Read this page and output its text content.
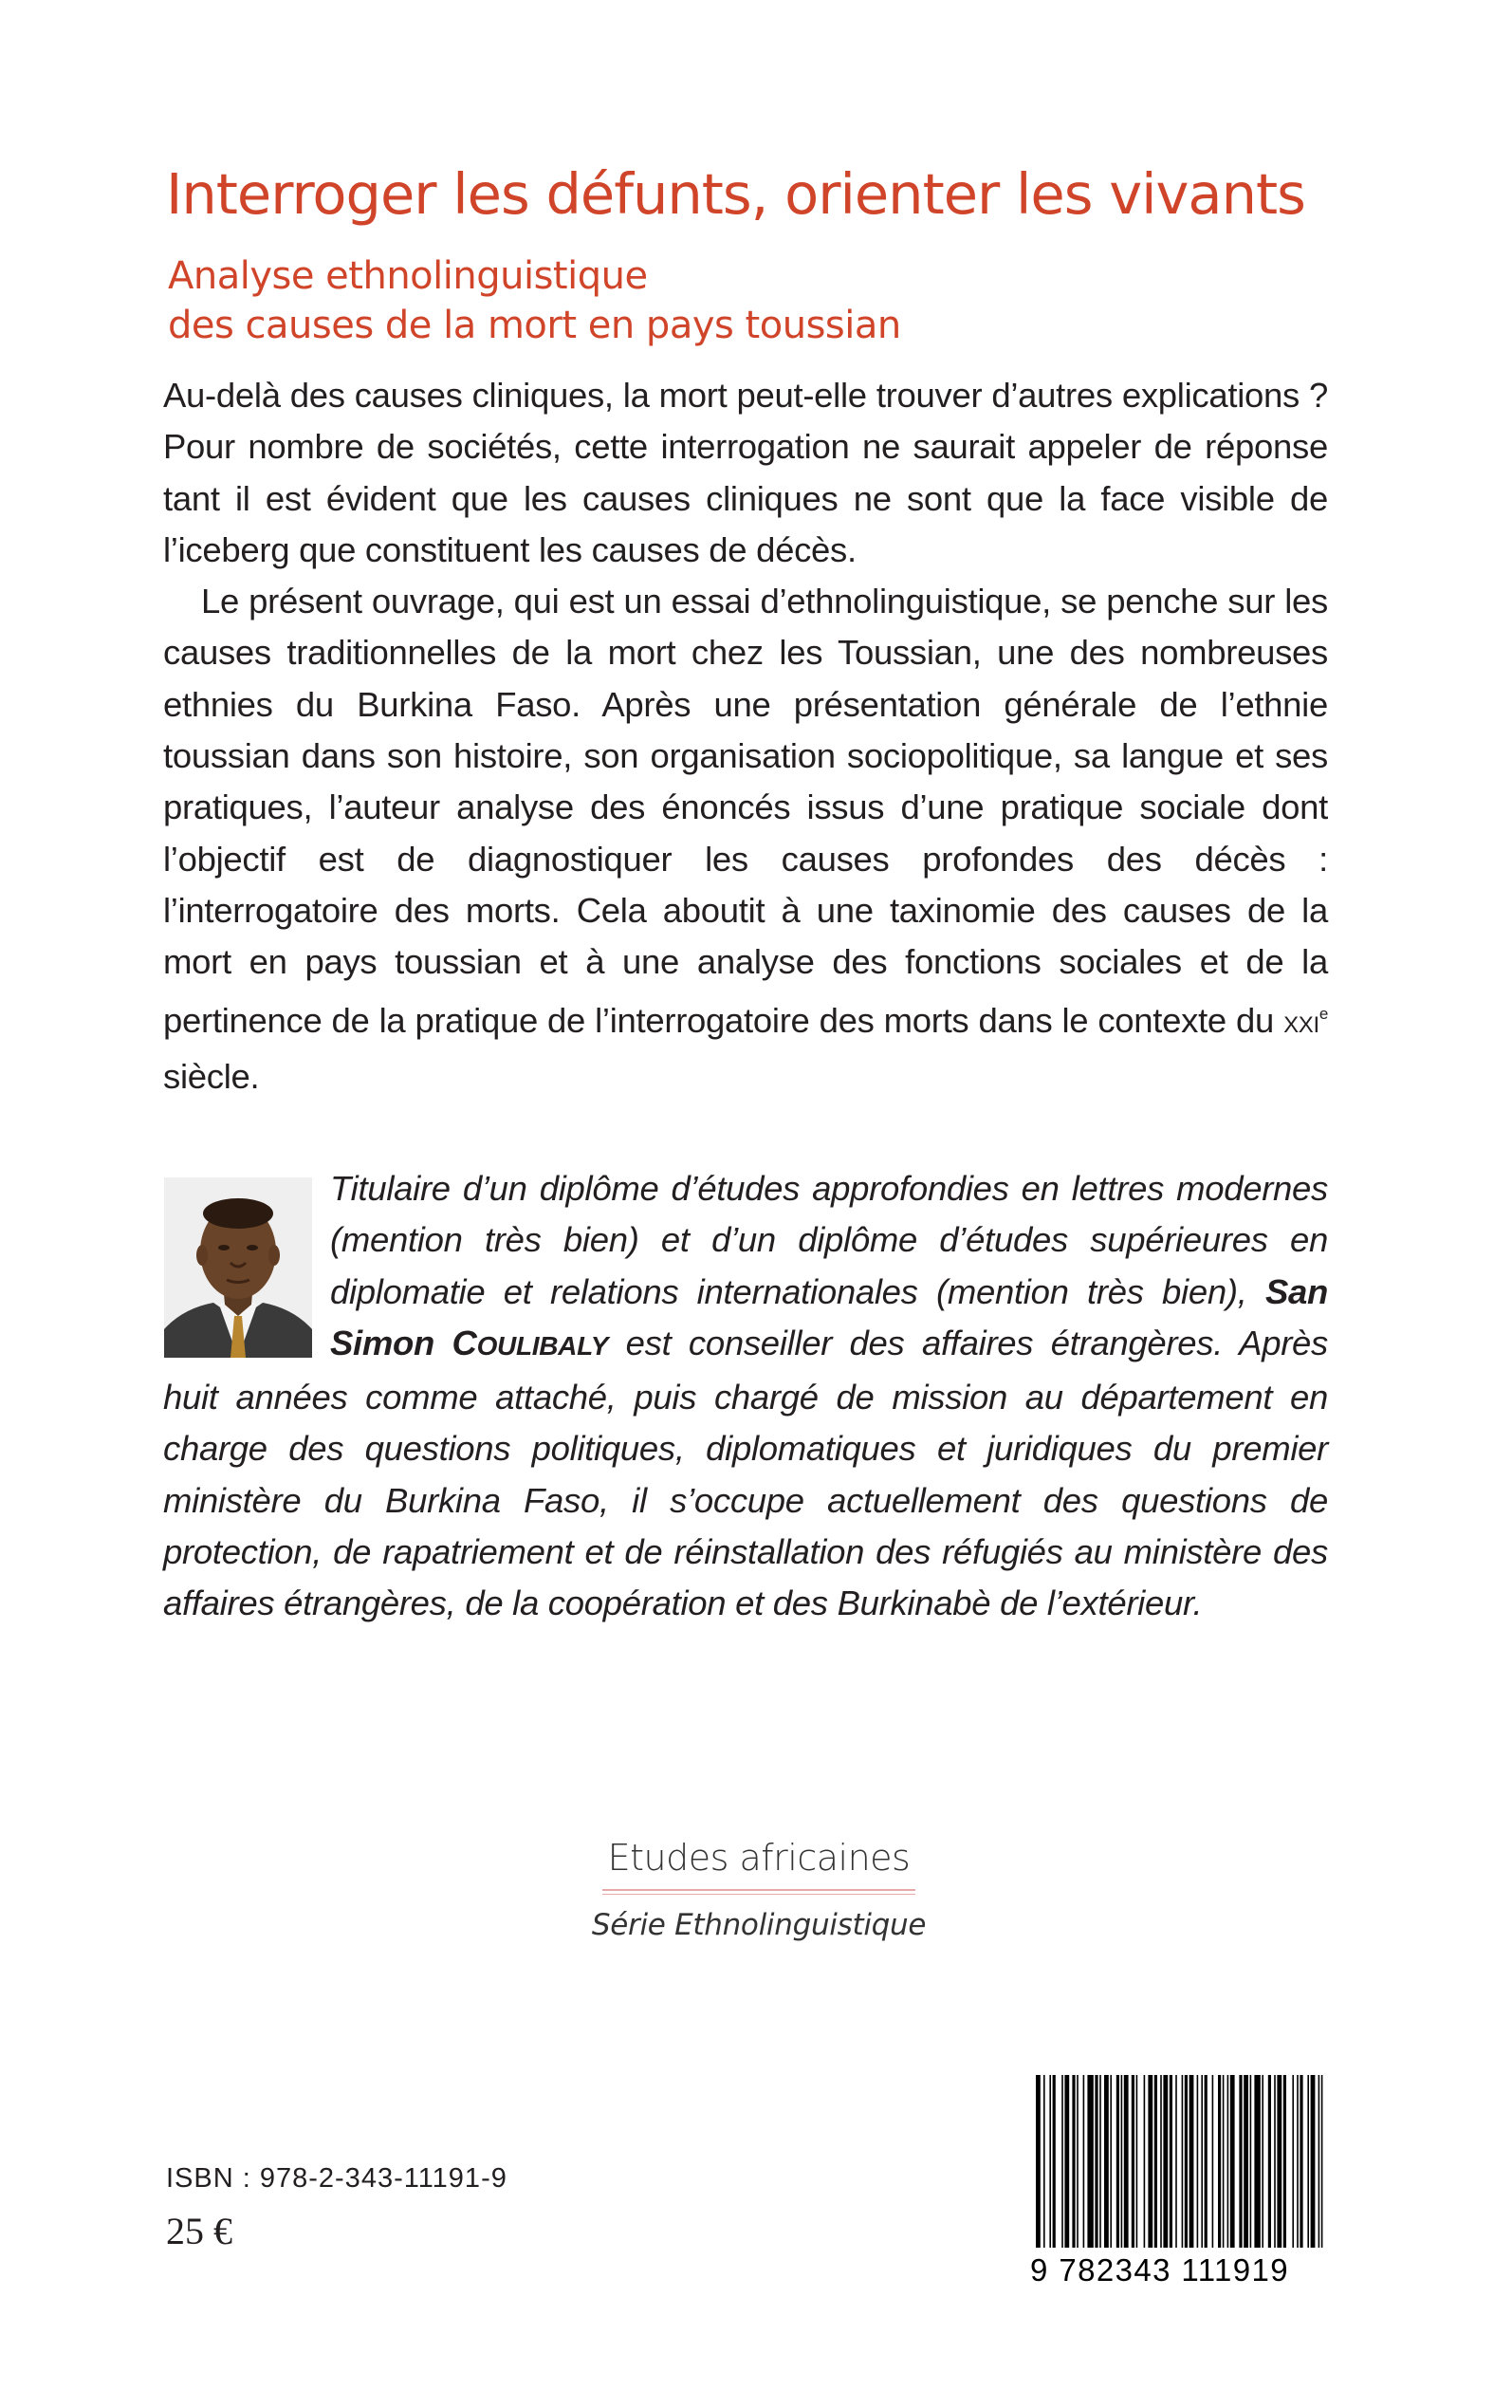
Interroger les défunts, orienter les vivants
Analyse ethnolinguistique
des causes de la mort en pays toussian

Au-delà des causes cliniques, la mort peut-elle trouver d’autres explications ? Pour nombre de sociétés, cette interrogation ne saurait appeler de réponse tant il est évident que les causes cliniques ne sont que la face visible de l’iceberg que constituent les causes de décès.

Le présent ouvrage, qui est un essai d’ethnolinguistique, se penche sur les causes traditionnelles de la mort chez les Toussian, une des nombreuses ethnies du Burkina Faso. Après une présentation générale de l’ethnie toussian dans son histoire, son organisation sociopolitique, sa langue et ses pratiques, l’auteur analyse des énoncés issus d’une pratique sociale dont l’objectif est de diagnostiquer les causes profondes des décès : l’interrogatoire des morts. Cela aboutit à une taxinomie des causes de la mort en pays toussian et à une analyse des fonctions sociales et de la pertinence de la pratique de l’interrogatoire des morts dans le contexte du XXIe siècle.

Titulaire d’un diplôme d’études approfondies en lettres modernes (mention très bien) et d’un diplôme d’études supérieures en diplomatie et relations internationales (mention très bien), San Simon COULIBALY est conseiller des affaires étrangères. Après huit années comme attaché, puis chargé de mission au département en charge des questions politiques, diplomatiques et juridiques du premier ministère du Burkina Faso, il s’occupe actuellement des questions de protection, de rapatriement et de réinstallation des réfugiés au ministère des affaires étrangères, de la coopération et des Burkinabè de l’extérieur.

Etudes africaines
Série Ethnolinguistique
ISBN : 978-2-343-11191-9
25 €
9 782343 111919
